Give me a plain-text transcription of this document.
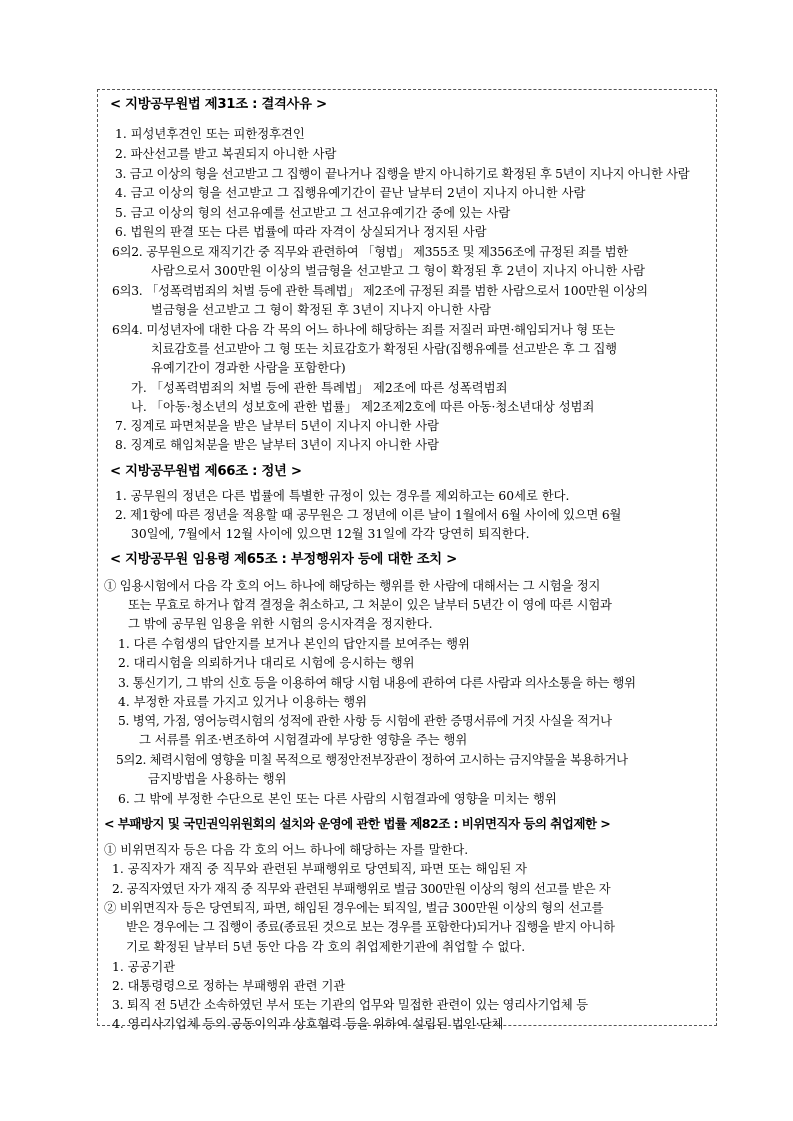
< 지방공무원법 제31조 : 결격사유 >
1. 피성년후견인 또는 피한정후견인
2. 파산선고를 받고 복권되지 아니한 사람
3. 금고 이상의 형을 선고받고 그 집행이 끝나거나 집행을 받지 아니하기로 확정된 후 5년이 지나지 아니한 사람
4. 금고 이상의 형을 선고받고 그 집행유예기간이 끝난 날부터 2년이 지나지 아니한 사람
5. 금고 이상의 형의 선고유예를 선고받고 그 선고유예기간 중에 있는 사람
6. 법원의 판결 또는 다른 법률에 따라 자격이 상실되거나 정지된 사람
6의2. 공무원으로 재직기간 중 직무와 관련하여 「형법」 제355조 및 제356조에 규정된 죄를 범한
사람으로서 300만원 이상의 벌금형을 선고받고 그 형이 확정된 후 2년이 지나지 아니한 사람
6의3. 「성폭력범죄의 처벌 등에 관한 특례법」 제2조에 규정된 죄를 범한 사람으로서 100만원 이상의
벌금형을 선고받고 그 형이 확정된 후 3년이 지나지 아니한 사람
6의4. 미성년자에 대한 다음 각 목의 어느 하나에 해당하는 죄를 저질러 파면·해임되거나 형 또는
치료감호를 선고받아 그 형 또는 치료감호가 확정된 사람(집행유예를 선고받은 후 그 집행
유예기간이 경과한 사람을 포함한다)
가. 「성폭력범죄의 처벌 등에 관한 특례법」 제2조에 따른 성폭력범죄
나. 「아동·청소년의 성보호에 관한 법률」 제2조제2호에 따른 아동·청소년대상 성범죄
7. 징계로 파면처분을 받은 날부터 5년이 지나지 아니한 사람
8. 징계로 해임처분을 받은 날부터 3년이 지나지 아니한 사람
< 지방공무원법 제66조 : 정년 >
1. 공무원의 정년은 다른 법률에 특별한 규정이 있는 경우를 제외하고는 60세로 한다.
2. 제1항에 따른 정년을 적용할 때 공무원은 그 정년에 이른 날이 1월에서 6월 사이에 있으면 6월
30일에, 7월에서 12월 사이에 있으면 12월 31일에 각각 당연히 퇴직한다.
< 지방공무원 임용령 제65조 : 부정행위자 등에 대한 조치 >
① 임용시험에서 다음 각 호의 어느 하나에 해당하는 행위를 한 사람에 대해서는 그 시험을 정지
또는 무효로 하거나 합격 결정을 취소하고, 그 처분이 있은 날부터 5년간 이 영에 따른 시험과
그 밖에 공무원 임용을 위한 시험의 응시자격을 정지한다.
1. 다른 수험생의 답안지를 보거나 본인의 답안지를 보여주는 행위
2. 대리시험을 의뢰하거나 대리로 시험에 응시하는 행위
3. 통신기기, 그 밖의 신호 등을 이용하여 해당 시험 내용에 관하여 다른 사람과 의사소통을 하는 행위
4. 부정한 자료를 가지고 있거나 이용하는 행위
5. 병역, 가점, 영어능력시험의 성적에 관한 사항 등 시험에 관한 증명서류에 거짓 사실을 적거나
그 서류를 위조·변조하여 시험결과에 부당한 영향을 주는 행위
5의2. 체력시험에 영향을 미칠 목적으로 행정안전부장관이 정하여 고시하는 금지약물을 복용하거나
금지방법을 사용하는 행위
6. 그 밖에 부정한 수단으로 본인 또는 다른 사람의 시험결과에 영향을 미치는 행위
< 부패방지 및 국민권익위원회의 설치와 운영에 관한 법률 제82조 : 비위면직자 등의 취업제한 >
① 비위면직자 등은 다음 각 호의 어느 하나에 해당하는 자를 말한다.
1. 공직자가 재직 중 직무와 관련된 부패행위로 당연퇴직, 파면 또는 해임된 자
2. 공직자였던 자가 재직 중 직무와 관련된 부패행위로 벌금 300만원 이상의 형의 선고를 받은 자
② 비위면직자 등은 당연퇴직, 파면, 해임된 경우에는 퇴직일, 벌금 300만원 이상의 형의 선고를
받은 경우에는 그 집행이 종료(종료된 것으로 보는 경우를 포함한다)되거나 집행을 받지 아니하
기로 확정된 날부터 5년 동안 다음 각 호의 취업제한기관에 취업할 수 없다.
1. 공공기관
2. 대통령령으로 정하는 부패행위 관련 기관
3. 퇴직 전 5년간 소속하였던 부서 또는 기관의 업무와 밀접한 관련이 있는 영리사기업체 등
4. 영리사기업체 등의 공동이익과 상호협력 등을 위하여 설립된 법인·단체
